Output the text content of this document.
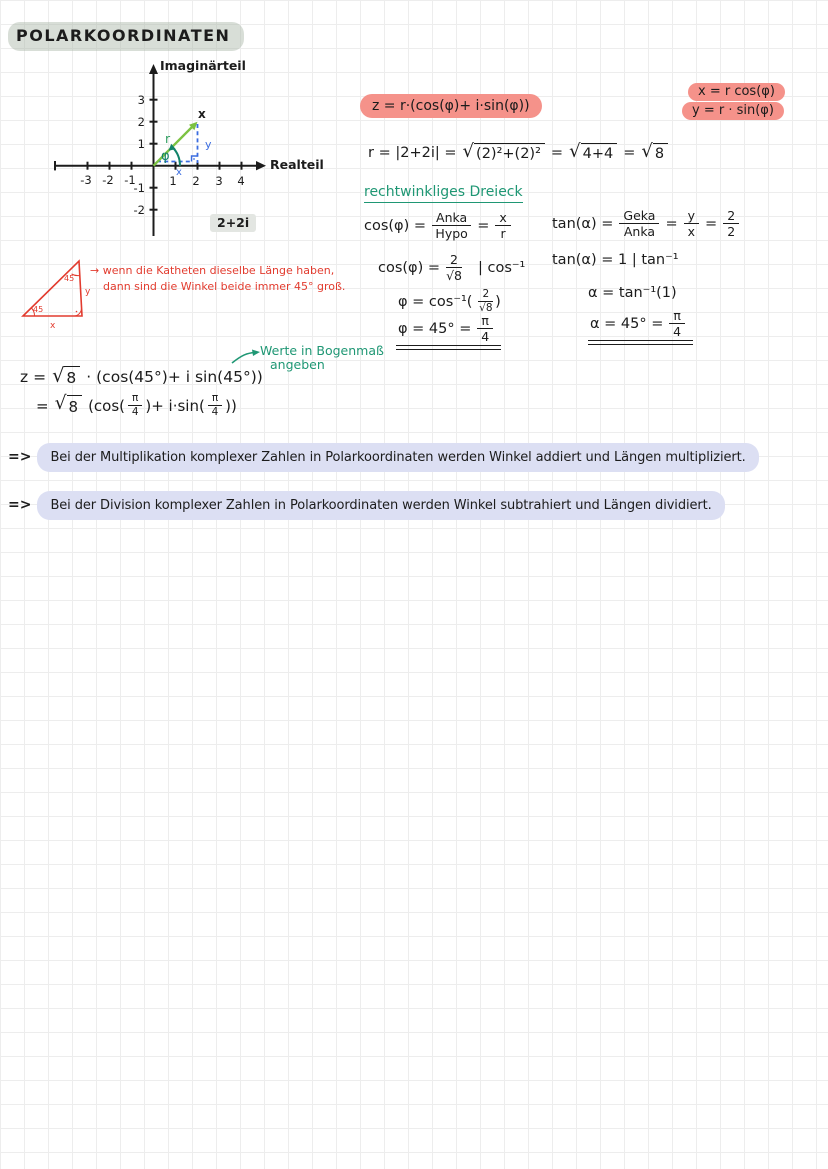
POLARKOORDINATEN
-3 -2 -1	1 2 3 4
3
2
1
-1
-2
Imaginärteil
Realteil
y
x
x
r
φ
2+2i
z = r·(cos(φ)+ i·sin(φ))
x = r cos(φ)
y = r · sin(φ)
r = |2+2i| = √ (2)²+(2)² = √ 4+4 = √ 8
rechtwinkliges Dreieck
$\cos(\varphi) = \frac{\text{Anka}}{\text{Hypo}} = \frac{x}{r}$	$\tan(\alpha) = \frac{\text{Geka}}{\text{Anka}} = \frac{y}{x} = \frac{2}{2}$
$\cos(\varphi) = \frac{2}{√8}$ | cos⁻¹
$\varphi = \cos^{-1}( \frac{2}{√8}$ )
$\varphi = 45^\circ = \frac{\pi}{4}$
tan(α) = 1 | tan⁻¹
α = tan⁻¹(1)
$\alpha = 45^\circ = \frac{\pi}{4}$
45
45
x
y
→ wenn die Katheten dieselbe Länge haben,
dann sind die Winkel beide immer 45° groß.
z = √ 8 · (cos(45°)+ i sin(45°))
= √ 8 ($\cos( \frac{\pi}{4}$ )+ $i\cdot\sin( \frac{\pi}{4}$ ))
Werte in Bogenmaß
angeben
=>	Bei der Multiplikation komplexer Zahlen in Polarkoordinaten werden Winkel addiert und Längen multipliziert.
=>	Bei der Division komplexer Zahlen in Polarkoordinaten werden Winkel subtrahiert und Längen dividiert.
